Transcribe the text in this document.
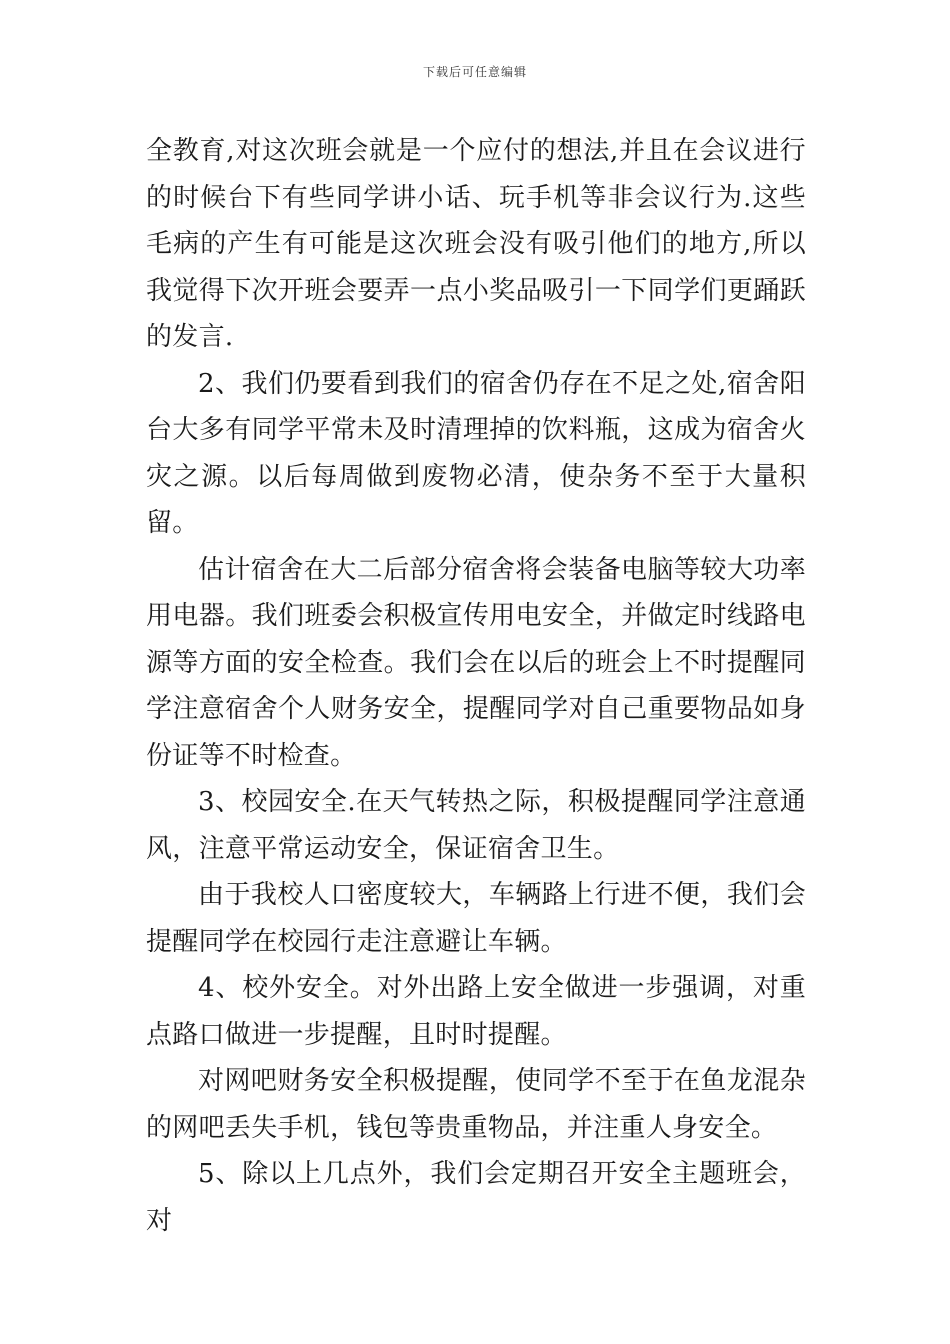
下载后可任意编辑

全教育,对这次班会就是一个应付的想法,并且在会议进行的时候台下有些同学讲小话、玩手机等非会议行为.这些毛病的产生有可能是这次班会没有吸引他们的地方,所以我觉得下次开班会要弄一点小奖品吸引一下同学们更踊跃的发言.

2、我们仍要看到我们的宿舍仍存在不足之处,宿舍阳台大多有同学平常未及时清理掉的饮料瓶，这成为宿舍火灾之源。以后每周做到废物必清，使杂务不至于大量积留。

估计宿舍在大二后部分宿舍将会装备电脑等较大功率用电器。我们班委会积极宣传用电安全，并做定时线路电源等方面的安全检查。我们会在以后的班会上不时提醒同学注意宿舍个人财务安全，提醒同学对自己重要物品如身份证等不时检查。

3、校园安全.在天气转热之际，积极提醒同学注意通风，注意平常运动安全，保证宿舍卫生。

由于我校人口密度较大，车辆路上行进不便，我们会提醒同学在校园行走注意避让车辆。

4、校外安全。对外出路上安全做进一步强调，对重点路口做进一步提醒，且时时提醒。

对网吧财务安全积极提醒，使同学不至于在鱼龙混杂的网吧丢失手机，钱包等贵重物品，并注重人身安全。

5、除以上几点外，我们会定期召开安全主题班会，对
